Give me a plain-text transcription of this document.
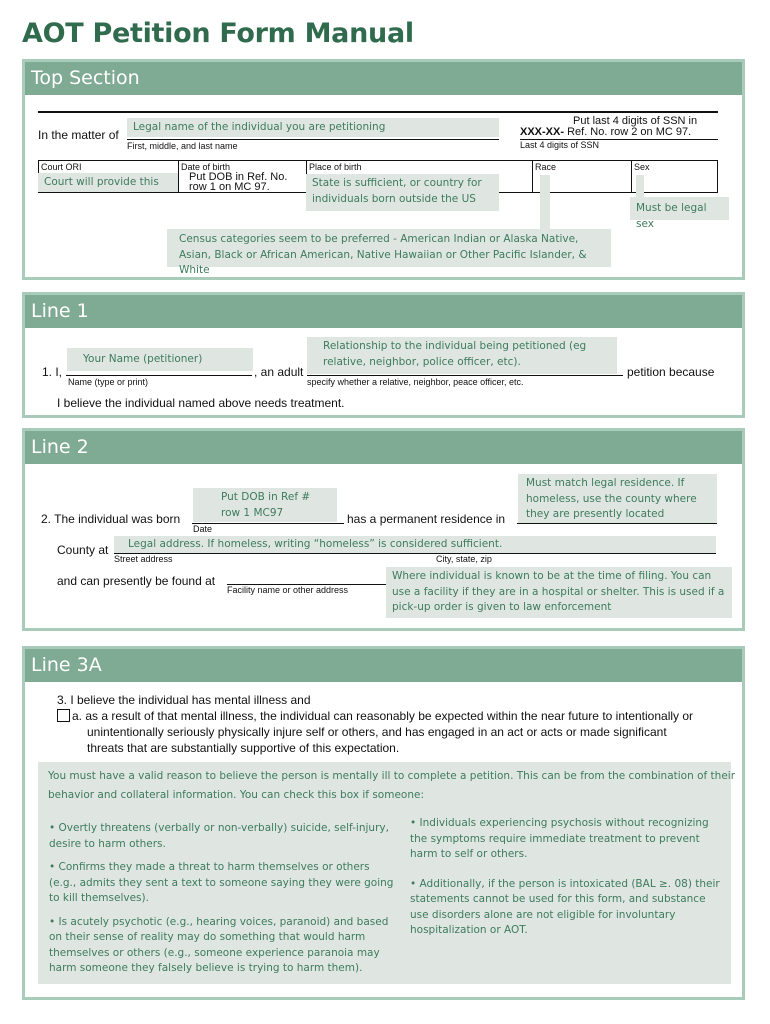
AOT Petition Form Manual
Top Section
In the matter of
Legal name of the individual you are petitioning
First, middle, and last name
Put last 4 digits of SSN in
XXX-XX- Ref. No. row 2 on MC 97.
Last 4 digits of SSN
Court ORI	Date of birth	Place of birth	Race	Sex
Court will provide this	Put DOB in Ref. No. row 1 on MC 97.	State is sufficient, or country for individuals born outside the US
Must be legal sex
Census categories seem to be preferred - American Indian or Alaska Native, Asian, Black or African American, Native Hawaiian or Other Pacific Islander, & White
Line 1
1. I,
Your Name (petitioner)
Name (type or print)
, an adult
Relationship to the individual being petitioned (eg relative, neighbor, police officer, etc).
specify whether a relative, neighbor, peace officer, etc.
petition because
I believe the individual named above needs treatment.
Line 2
2. The individual was born
Put DOB in Ref # row 1 MC97
Date
has a permanent residence in
Must match legal residence. If homeless, use the county where they are presently located
County at	Legal address. If homeless, writing “homeless” is considered sufficient.
Street address	City, state, zip
and can presently be found at
Facility name or other address
Where individual is known to be at the time of filing. You can use a facility if they are in a hospital or shelter. This is used if a pick-up order is given to law enforcement
Line 3A
3. I believe the individual has mental illness and
a. as a result of that mental illness, the individual can reasonably be expected within the near future to intentionally or
unintentionally seriously physically injure self or others, and has engaged in an act or acts or made significant
threats that are substantially supportive of this expectation.
You must have a valid reason to believe the person is mentally ill to complete a petition. This can be from the combination of their
behavior and collateral information. You can check this box if someone:
• Overtly threatens (verbally or non-verbally) suicide, self-injury, desire to harm others.
• Confirms they made a threat to harm themselves or others (e.g., admits they sent a text to someone saying they were going to kill themselves).
• Is acutely psychotic (e.g., hearing voices, paranoid) and based on their sense of reality may do something that would harm themselves or others (e.g., someone experience paranoia may harm someone they falsely believe is trying to harm them).
• Individuals experiencing psychosis without recognizing the symptoms require immediate treatment to prevent harm to self or others.
• Additionally, if the person is intoxicated (BAL ≥. 08) their statements cannot be used for this form, and substance use disorders alone are not eligible for involuntary hospitalization or AOT.
